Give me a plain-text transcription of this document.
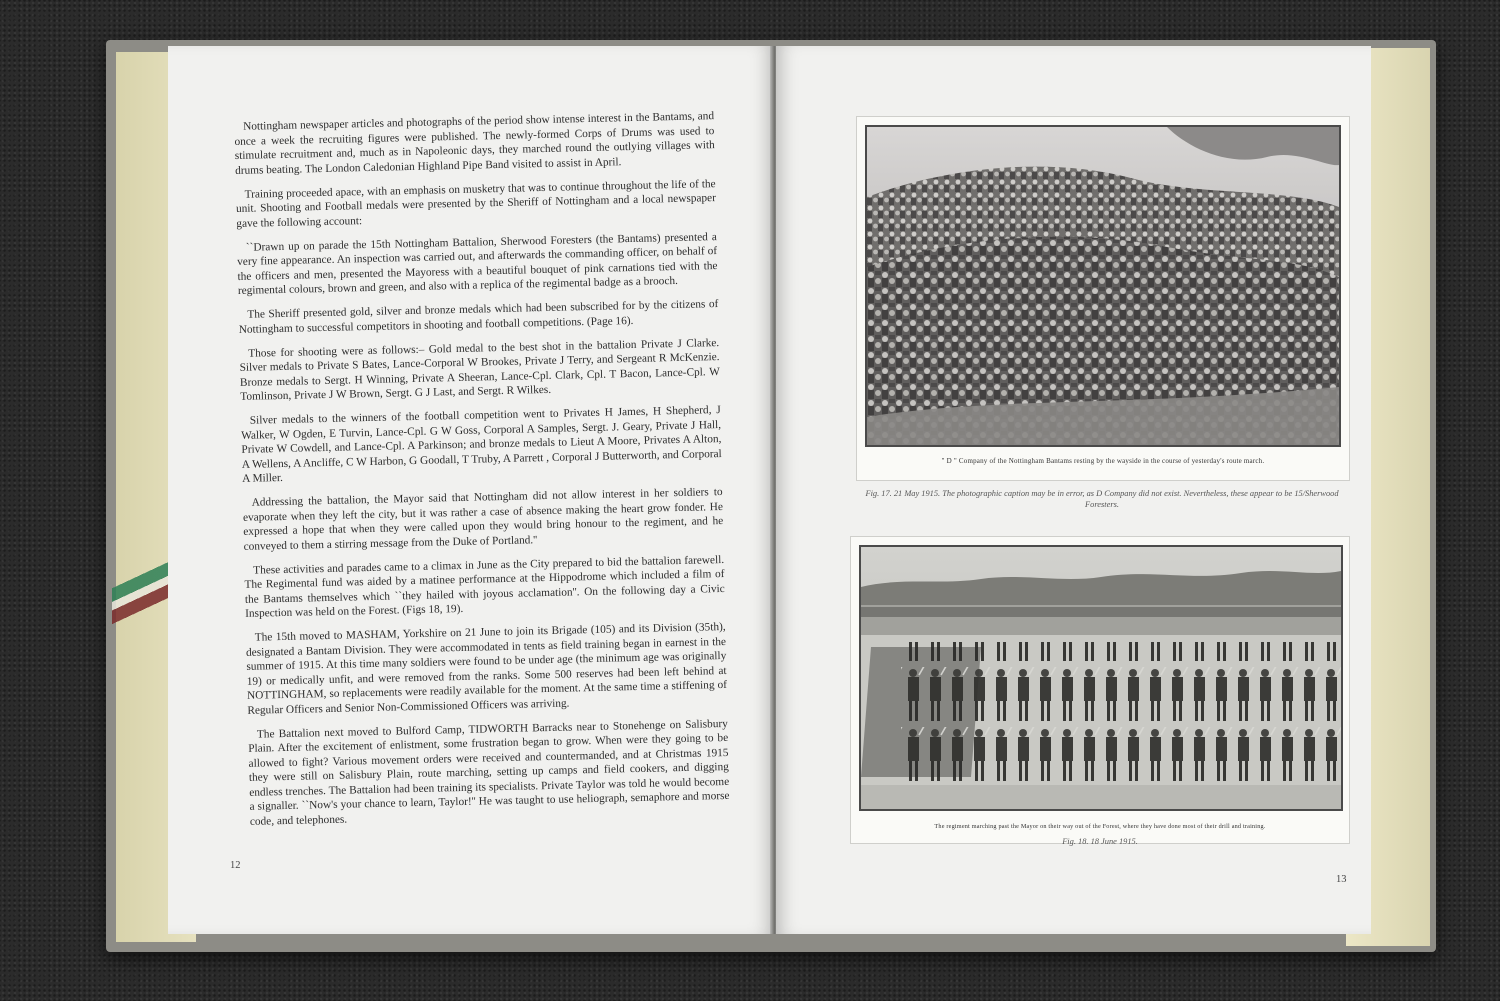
Nottingham newspaper articles and photographs of the period show intense interest in the Bantams, and once a week the recruiting figures were published. The newly-formed Corps of Drums was used to stimulate recruitment and, much as in Napoleonic days, they marched round the outlying villages with drums beating. The London Caledonian Highland Pipe Band visited to assist in April.

Training proceeded apace, with an emphasis on musketry that was to continue throughout the life of the unit. Shooting and Football medals were presented by the Sheriff of Nottingham and a local newspaper gave the following account:

``Drawn up on parade the 15th Nottingham Battalion, Sherwood Foresters (the Bantams) presented a very fine appearance. An inspection was carried out, and afterwards the commanding officer, on behalf of the officers and men, presented the Mayoress with a beautiful bouquet of pink carnations tied with the regimental colours, brown and green, and also with a replica of the regimental badge as a brooch.

The Sheriff presented gold, silver and bronze medals which had been subscribed for by the citizens of Nottingham to successful competitors in shooting and football competitions. (Page 16).

Those for shooting were as follows:– Gold medal to the best shot in the battalion Private J Clarke. Silver medals to Private S Bates, Lance-Corporal W Brookes, Private J Terry, and Sergeant R McKenzie. Bronze medals to Sergt. H Winning, Private A Sheeran, Lance-Cpl. Clark, Cpl. T Bacon, Lance-Cpl. W Tomlinson, Private J W Brown, Sergt. G J Last, and Sergt. R Wilkes.

Silver medals to the winners of the football competition went to Privates H James, H Shepherd, J Walker, W Ogden, E Turvin, Lance-Cpl. G W Goss, Corporal A Samples, Sergt. J. Geary, Private J Hall, Private W Cowdell, and Lance-Cpl. A Parkinson; and bronze medals to Lieut A Moore, Privates A Alton, A Wellens, A Ancliffe, C W Harbon, G Goodall, T Truby, A Parrett , Corporal J Butterworth, and Corporal A Miller.

Addressing the battalion, the Mayor said that Nottingham did not allow interest in her soldiers to evaporate when they left the city, but it was rather a case of absence making the heart grow fonder. He expressed a hope that when they were called upon they would bring honour to the regiment, and he conveyed to them a stirring message from the Duke of Portland.''

These activities and parades came to a climax in June as the City prepared to bid the battalion farewell. The Regimental fund was aided by a matinee performance at the Hippodrome which included a film of the Bantams themselves which ``they hailed with joyous acclamation''. On the following day a Civic Inspection was held on the Forest. (Figs 18, 19).

The 15th moved to MASHAM, Yorkshire on 21 June to join its Brigade (105) and its Division (35th), designated a Bantam Division. They were accommodated in tents as field training began in earnest in the summer of 1915. At this time many soldiers were found to be under age (the minimum age was originally 19) or medically unfit, and were removed from the ranks. Some 500 reserves had been left behind at NOTTINGHAM, so replacements were readily available for the moment. At the same time a stiffening of Regular Officers and Senior Non-Commissioned Officers was arriving.

The Battalion next moved to Bulford Camp, TIDWORTH Barracks near to Stonehenge on Salisbury Plain. After the excitement of enlistment, some frustration began to grow. When were they going to be allowed to fight? Various movement orders were received and countermanded, and at Christmas 1915 they were still on Salisbury Plain, route marching, setting up camps and field cookers, and digging endless trenches. The Battalion had been training its specialists. Private Taylor was told he would become a signaller. ``Now's your chance to learn, Taylor!'' He was taught to use heliograph, semaphore and morse code, and telephones.

12
" D " Company of the Nottingham Bantams resting by the wayside in the course of yesterday's route march.
Fig. 17. 21 May 1915. The photographic caption may be in error, as D Company did not exist. Nevertheless, these appear to be 15/Sherwood Foresters.
The regiment marching past the Mayor on their way out of the Forest, where they have done most of their drill and training.
Fig. 18. 18 June 1915.
13
